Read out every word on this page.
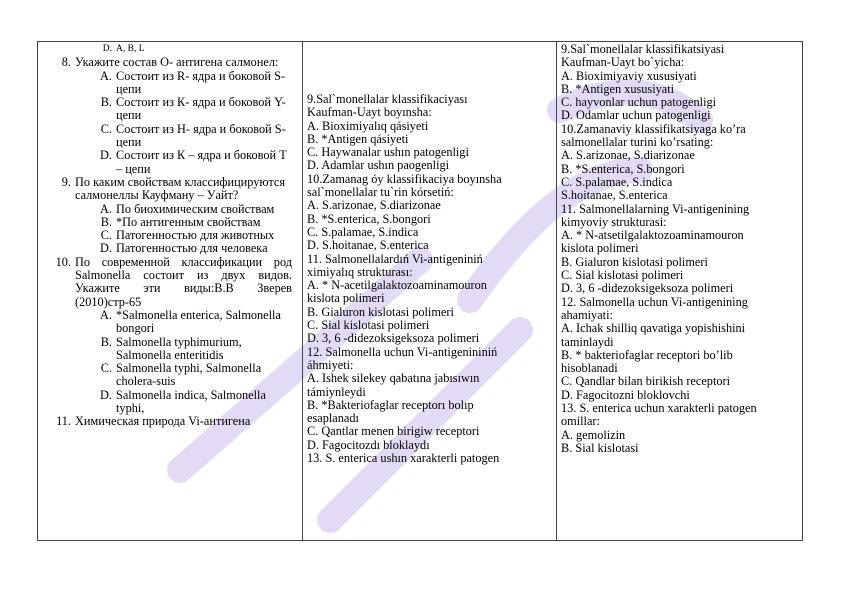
D. A, B, L
8. Укажите состав О- антигена салмонел:
A. Состоит из R- ядра и боковой S- цепи
B. Состоит из К- ядра и боковой Y- цепи
C. Состоит из Н- ядра и боковой S- цепи
D. Состоит из К – ядра и боковой Т – цепи
9. По каким свойствам классифицируются салмонеллы Кауфману – Уайт?
A. По биохимическим свойствам
B. *По антигенным свойствам
C. Патогенностью для животных
D. Патогенностью для человека
10. По современной классификации род Salmonella состоит из двух видов. Укажите эти виды:В.В Зверев (2010)стр-65
A. *Salmonella enterica, Salmonella bongori
B. Salmonella typhimurium, Salmonella enteritidis
C. Salmonella typhi, Salmonella cholera-suis
D. Salmonella indica, Salmonella typhi,
11. Химическая природа Vi-антигена

9.Sal`monellalar klassifikaciyası
Kaufman-Uayt boyınsha:
A. Bioximiyalıq qásiyeti
B. *Antigen qásiyeti
C. Haywanalar ushın patogenligi
D. Adamlar ushın paogenligi
10.Zamanag óy klassifikaciya boyınsha
sal`monellalar tu`rin kórsetiń:
A. S.arizonae, S.diarizonae
B. *S.enterica, S.bongori
C. S.palamae, S.indica
D. S.hoitanae, S.enterica
11. Salmonellalardıń Vi-antigeniniń
ximiyalıq strukturası:
A. * N-acetilgalaktozoaminamouron
kislota polimeri
B. Gialuron kislotasi polimeri
C. Sial kislotasi polimeri
D. 3, 6 -didezoksigeksoza polimeri
12. Salmonella uchun Vi-antigenininiń
áhmiyeti:
A. Ishek silekey qabatına jabısıwın
támiynleydi
B. *Bakteriofaglar receptorı bolıp
esaplanadı
C. Qantlar menen birigiw receptori
D. Fagocitozdı bloklaydı
13. S. enterica ushın xarakterli patogen

9.Sal`monellalar klassifikatsiyasi
Kaufman-Uayt bo`yicha:
A. Bioximiyaviy xususiyati
B. *Antigen xususiyati
C. hayvonlar uchun patogenligi
D. Odamlar uchun patogenligi
10.Zamanaviy klassifikatsiyaga ko’ra
salmonellalar turini ko’rsating:
A. S.arizonae, S.diarizonae
B. *S.enterica, S.bongori
C. S.palamae, S.indica
S.hoitanae, S.enterica
11. Salmonellalarning Vi-antigenining
kimyoviy strukturasi:
A. * N-atsetilgalaktozoaminamouron
kislota polimeri
B. Gialuron kislotasi polimeri
C. Sial kislotasi polimeri
D. 3, 6 -didezoksigeksoza polimeri
12. Salmonella uchun Vi-antigenining
ahamiyati:
A. Ichak shilliq qavatiga yopishishini
taminlaydi
B. * bakteriofaglar receptori bo’lib
hisoblanadi
C. Qandlar bilan birikish receptori
D. Fagocitozni bloklovchi
13. S. enterica uchun xarakterli patogen
omillar:
A. gemolizin
B. Sial kislotasi
